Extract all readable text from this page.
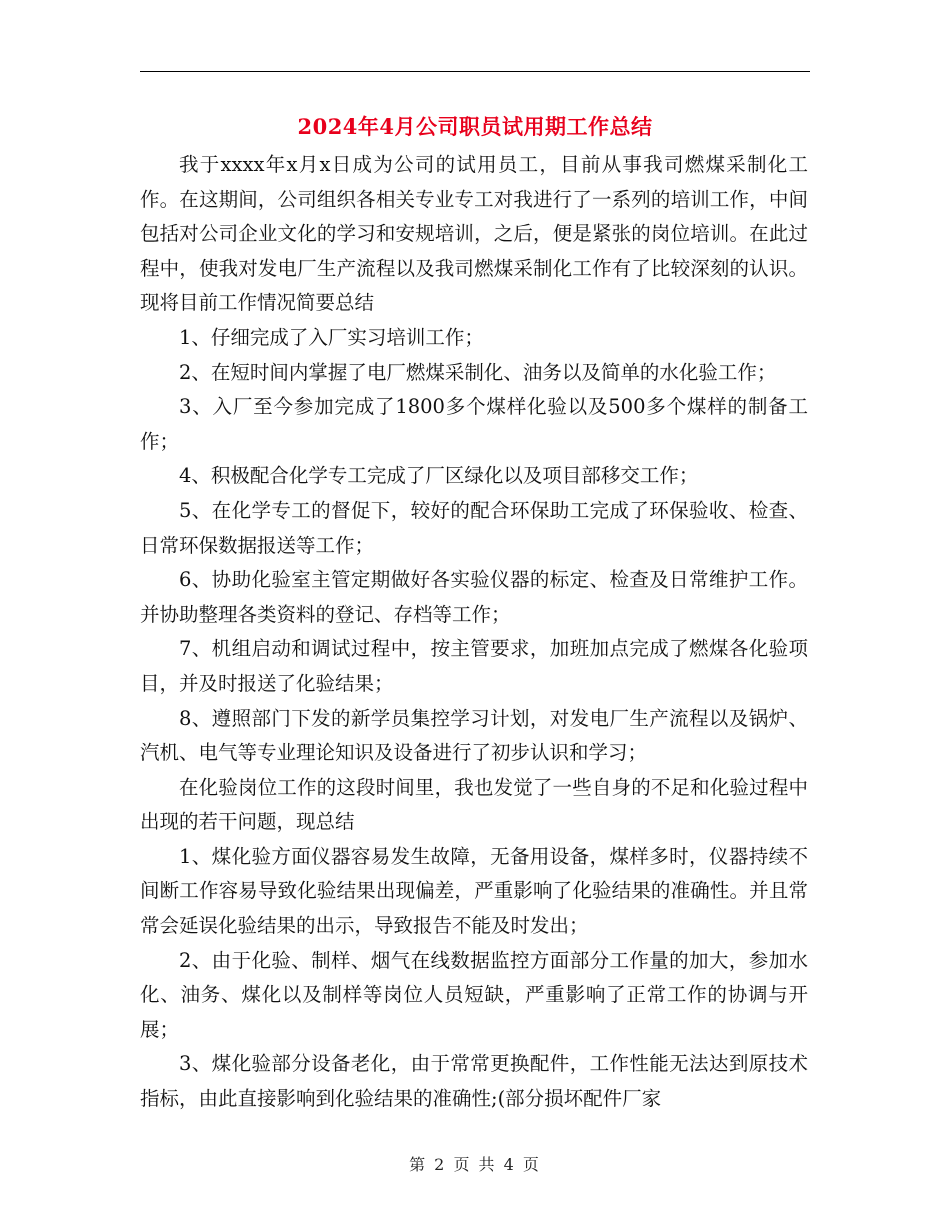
2024年4月公司职员试用期工作总结

我于xxxx年x月x日成为公司的试用员工，目前从事我司燃煤采制化工作。在这期间，公司组织各相关专业专工对我进行了一系列的培训工作，中间包括对公司企业文化的学习和安规培训，之后，便是紧张的岗位培训。在此过程中，使我对发电厂生产流程以及我司燃煤采制化工作有了比较深刻的认识。现将目前工作情况简要总结

1、仔细完成了入厂实习培训工作；

2、在短时间内掌握了电厂燃煤采制化、油务以及简单的水化验工作；

3、入厂至今参加完成了1800多个煤样化验以及500多个煤样的制备工作；

4、积极配合化学专工完成了厂区绿化以及项目部移交工作；

5、在化学专工的督促下，较好的配合环保助工完成了环保验收、检查、日常环保数据报送等工作；

6、协助化验室主管定期做好各实验仪器的标定、检查及日常维护工作。并协助整理各类资料的登记、存档等工作；

7、机组启动和调试过程中，按主管要求，加班加点完成了燃煤各化验项目，并及时报送了化验结果；

8、遵照部门下发的新学员集控学习计划，对发电厂生产流程以及锅炉、汽机、电气等专业理论知识及设备进行了初步认识和学习；

在化验岗位工作的这段时间里，我也发觉了一些自身的不足和化验过程中出现的若干问题，现总结

1、煤化验方面仪器容易发生故障，无备用设备，煤样多时，仪器持续不间断工作容易导致化验结果出现偏差，严重影响了化验结果的准确性。并且常常会延误化验结果的出示，导致报告不能及时发出；

2、由于化验、制样、烟气在线数据监控方面部分工作量的加大，参加水化、油务、煤化以及制样等岗位人员短缺，严重影响了正常工作的协调与开展；

3、煤化验部分设备老化，由于常常更换配件，工作性能无法达到原技术指标，由此直接影响到化验结果的准确性;(部分损坏配件厂家

第 2 页 共 4 页
